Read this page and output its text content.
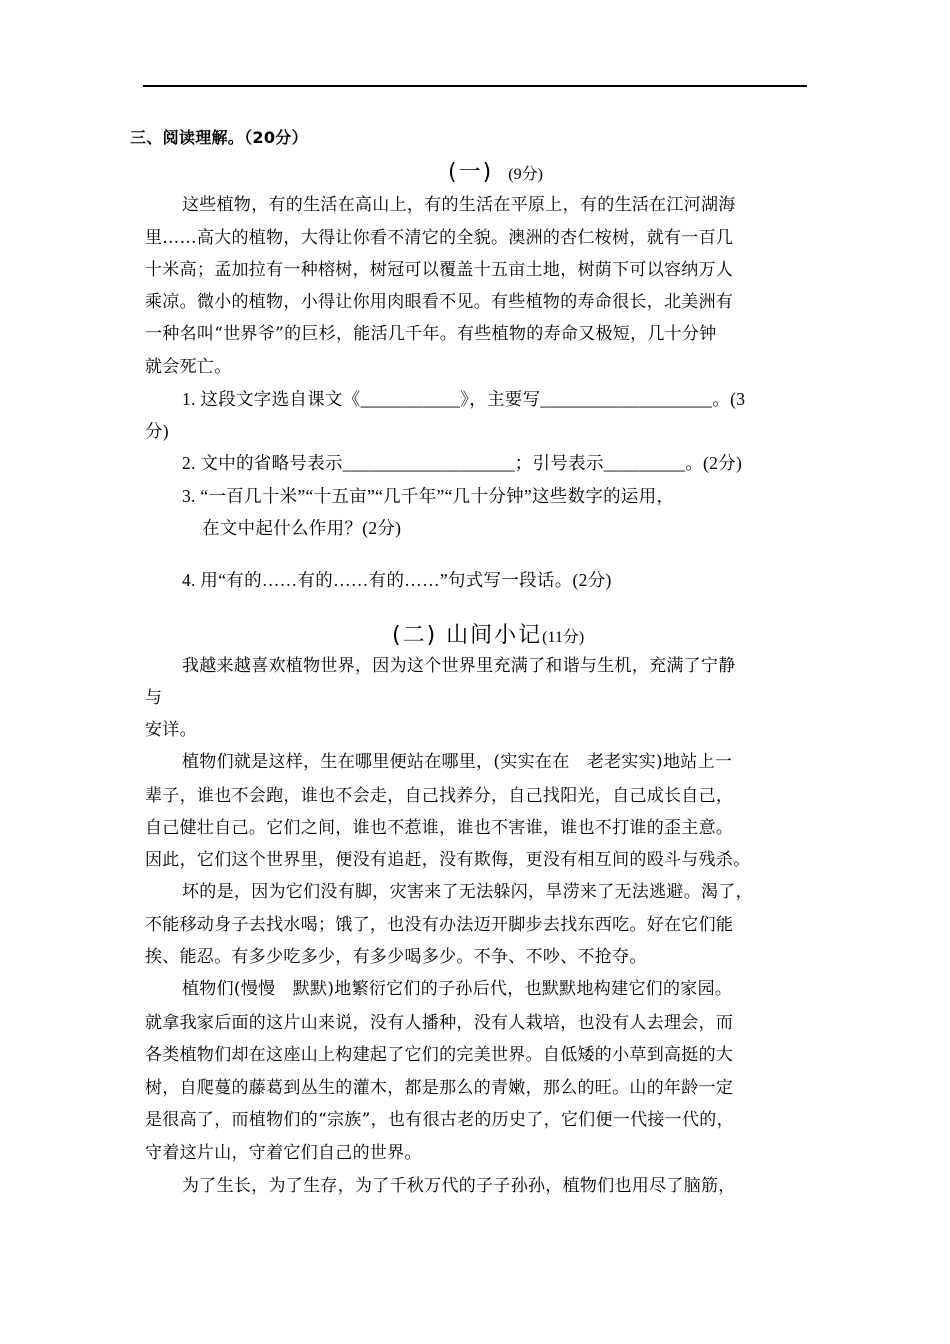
三、阅读理解。（20分）
(一) (9分)
这些植物，有的生活在高山上，有的生活在平原上，有的生活在江河湖海
里……高大的植物，大得让你看不清它的全貌。澳洲的杏仁桉树，就有一百几
十米高；孟加拉有一种榕树，树冠可以覆盖十五亩土地，树荫下可以容纳万人
乘凉。微小的植物，小得让你用肉眼看不见。有些植物的寿命很长，北美洲有
一种名叫“世界爷”的巨杉，能活几千年。有些植物的寿命又极短，几十分钟
就会死亡。
1. 这段文字选自课文《___________》，主要写___________________。(3
分)
2. 文中的省略号表示___________________；引号表示_________。(2分)
3. “一百几十米”“十五亩”“几千年”“几十分钟”这些数字的运用，
在文中起什么作用？(2分)
4. 用“有的……有的……有的……”句式写一段话。(2分)
(二) 山间小记(11分)
我越来越喜欢植物世界，因为这个世界里充满了和谐与生机，充满了宁静
与
安详。
植物们就是这样，生在哪里便站在哪里，(实实在在　老老实实)地站上一
辈子，谁也不会跑，谁也不会走，自己找养分，自己找阳光，自己成长自己，
自己健壮自己。它们之间，谁也不惹谁，谁也不害谁，谁也不打谁的歪主意。
因此，它们这个世界里，便没有追赶，没有欺侮，更没有相互间的殴斗与残杀。
坏的是，因为它们没有脚，灾害来了无法躲闪，旱涝来了无法逃避。渴了，
不能移动身子去找水喝；饿了，也没有办法迈开脚步去找东西吃。好在它们能
挨、能忍。有多少吃多少，有多少喝多少。不争、不吵、不抢夺。
植物们(慢慢　默默)地繁衍它们的子孙后代，也默默地构建它们的家园。
就拿我家后面的这片山来说，没有人播种，没有人栽培，也没有人去理会，而
各类植物们却在这座山上构建起了它们的完美世界。自低矮的小草到高挺的大
树，自爬蔓的藤葛到丛生的灌木，都是那么的青嫩，那么的旺。山的年龄一定
是很高了，而植物们的“宗族”，也有很古老的历史了，它们便一代接一代的，
守着这片山，守着它们自己的世界。
为了生长，为了生存，为了千秋万代的子子孙孙，植物们也用尽了脑筋，
